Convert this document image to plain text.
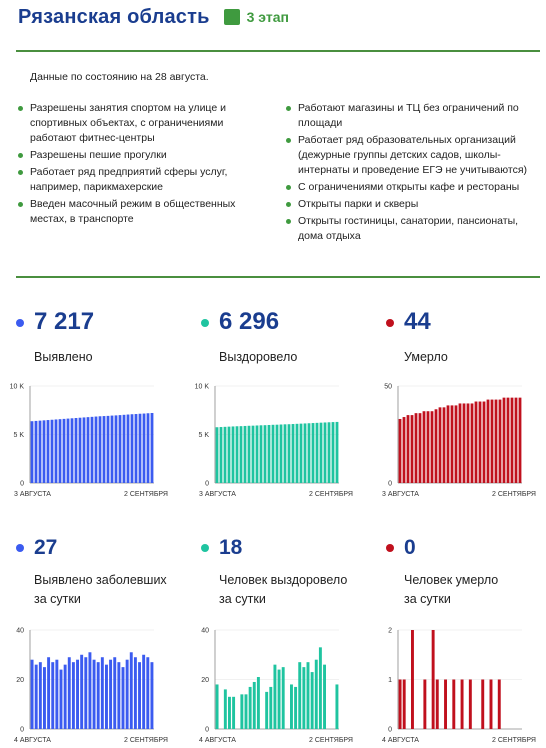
Рязанская область	3 этап
Данные по состоянию на 28 августа.
Разрешены занятия спортом на улице и спортивных объектах, с ограничениями работают фитнес-центры
Разрешены пешие прогулки
Работает ряд предприятий сферы услуг, например, парикмахерские
Введен масочный режим в общественных местах, в транспорте
Работают магазины и ТЦ без ограничений по площади
Работает ряд образовательных организаций (дежурные группы детских садов, школы-интернаты и проведение ЕГЭ не учитываются)
С ограничениями открыты кафе и рестораны
Открыты парки и скверы
Открыты гостиницы, санатории, пансионаты, дома отдыха
7 217
Выявлено
6 296
Выздоровело
44
Умерло
0
5 K
10 K
3 АВГУСТА	2 СЕНТЯБРЯ
0
5 K
10 K
3 АВГУСТА	2 СЕНТЯБРЯ
0
50
3 АВГУСТА	2 СЕНТЯБРЯ
27
Выявлено заболевших
за сутки
18
Человек выздоровело
за сутки
0
Человек умерло
за сутки
0
20
40
4 АВГУСТА	2 СЕНТЯБРЯ
0
20
40
4 АВГУСТА	2 СЕНТЯБРЯ
0
1
2
4 АВГУСТА	2 СЕНТЯБРЯ
